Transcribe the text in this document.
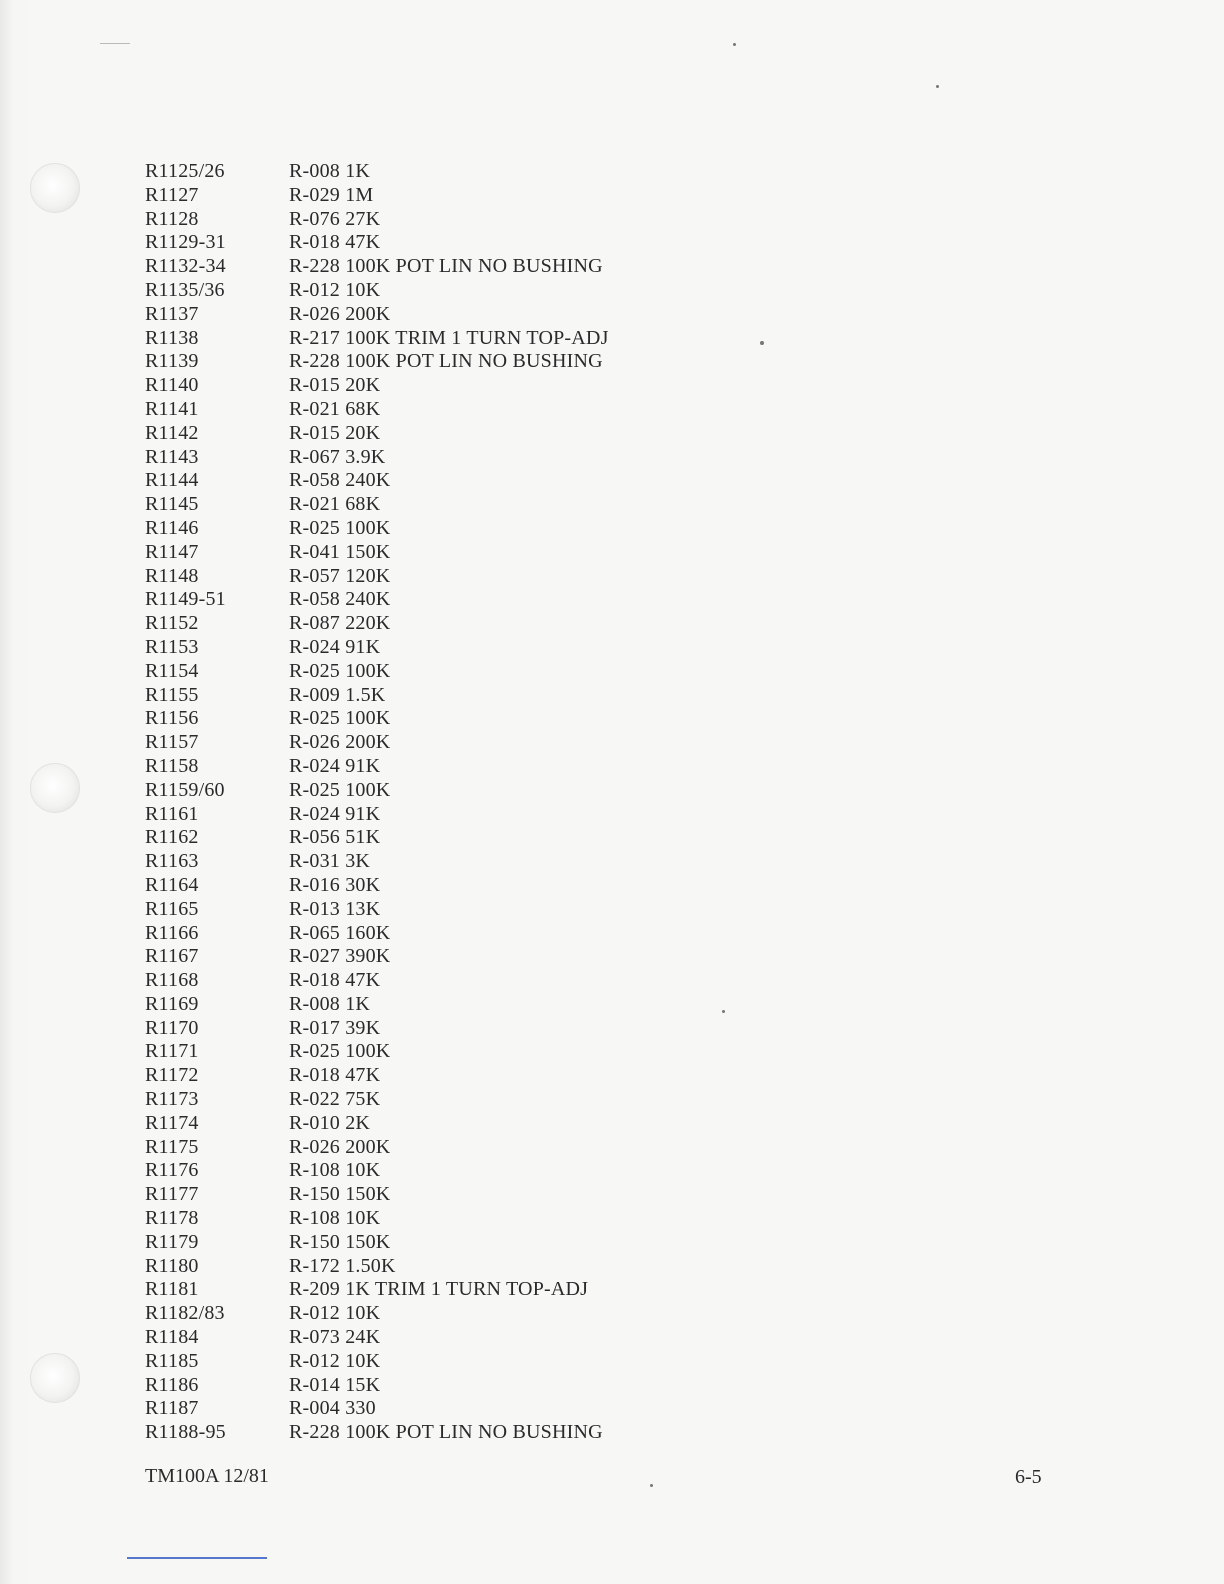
R1125/26	R-008 1K
R1127	R-029 1M
R1128	R-076 27K
R1129-31	R-018 47K
R1132-34	R-228 100K POT LIN NO BUSHING
R1135/36	R-012 10K
R1137	R-026 200K
R1138	R-217 100K TRIM 1 TURN TOP-ADJ
R1139	R-228 100K POT LIN NO BUSHING
R1140	R-015 20K
R1141	R-021 68K
R1142	R-015 20K
R1143	R-067 3.9K
R1144	R-058 240K
R1145	R-021 68K
R1146	R-025 100K
R1147	R-041 150K
R1148	R-057 120K
R1149-51	R-058 240K
R1152	R-087 220K
R1153	R-024 91K
R1154	R-025 100K
R1155	R-009 1.5K
R1156	R-025 100K
R1157	R-026 200K
R1158	R-024 91K
R1159/60	R-025 100K
R1161	R-024 91K
R1162	R-056 51K
R1163	R-031 3K
R1164	R-016 30K
R1165	R-013 13K
R1166	R-065 160K
R1167	R-027 390K
R1168	R-018 47K
R1169	R-008 1K
R1170	R-017 39K
R1171	R-025 100K
R1172	R-018 47K
R1173	R-022 75K
R1174	R-010 2K
R1175	R-026 200K
R1176	R-108 10K
R1177	R-150 150K
R1178	R-108 10K
R1179	R-150 150K
R1180	R-172 1.50K
R1181	R-209 1K TRIM 1 TURN TOP-ADJ
R1182/83	R-012 10K
R1184	R-073 24K
R1185	R-012 10K
R1186	R-014 15K
R1187	R-004 330
R1188-95	R-228 100K POT LIN NO BUSHING
TM100A 12/81	6-5
